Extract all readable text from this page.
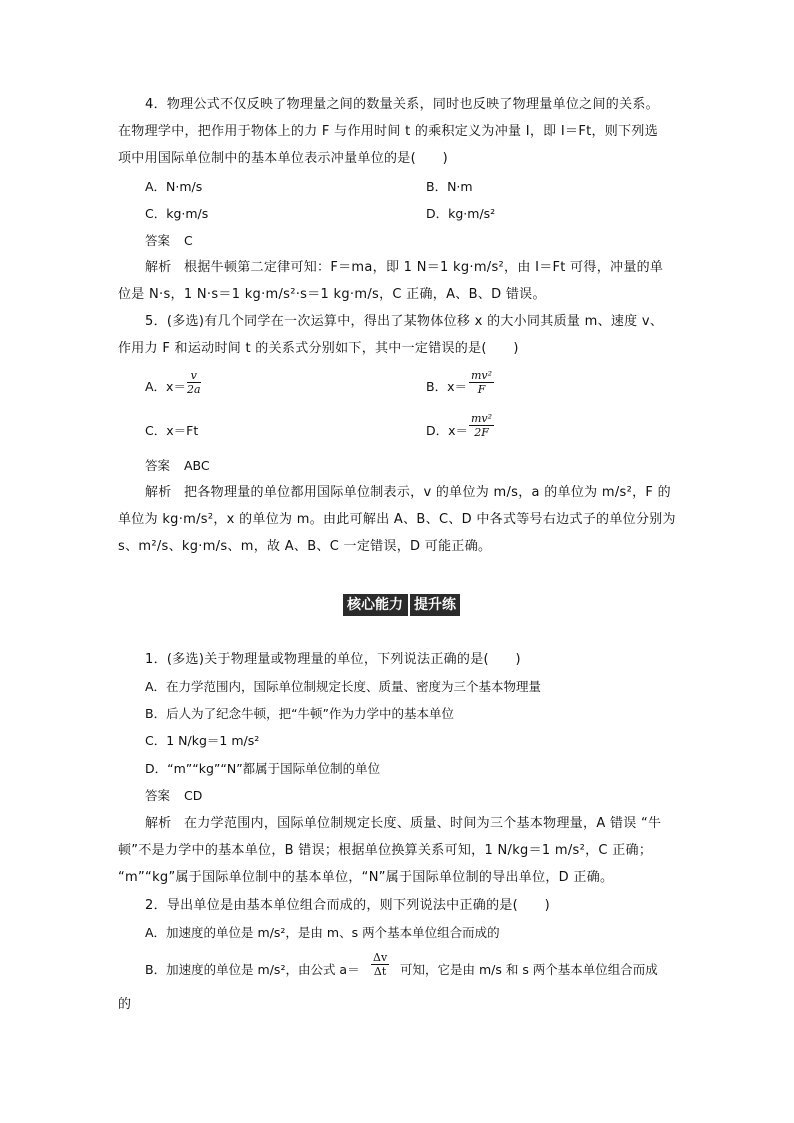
4．物理公式不仅反映了物理量之间的数量关系，同时也反映了物理量单位之间的关系。
在物理学中，把作用于物体上的力 F 与作用时间 t 的乘积定义为冲量 I，即 I＝Ft，则下列选
项中用国际单位制中的基本单位表示冲量单位的是(　　)
A．N·m/s	B．N·m
C．kg·m/s	D．kg·m/s²
答案 C
解析 根据牛顿第二定律可知：F＝ma，即 1 N＝1 kg·m/s²，由 I＝Ft 可得，冲量的单
位是 N·s，1 N·s＝1 kg·m/s²·s＝1 kg·m/s，C 正确，A、B、D 错误。
5．(多选)有几个同学在一次运算中，得出了某物体位移 x 的大小同其质量 m、速度 v、
作用力 F 和运动时间 t 的关系式分别如下，其中一定错误的是(　　)
A．$x= \frac{v}{2a}$	B．$x= \frac{\text{mv²}}{F}$
C．x＝Ft	D．$x= \frac{\text{mv²}}{2F}$
答案 ABC
解析 把各物理量的单位都用国际单位制表示，v 的单位为 m/s，a 的单位为 m/s²，F 的
单位为 kg·m/s²，x 的单位为 m。由此可解出 A、B、C、D 中各式等号右边式子的单位分别为
s、m²/s、kg·m/s、m，故 A、B、C 一定错误，D 可能正确。
核心能力 提升练
1．(多选)关于物理量或物理量的单位，下列说法正确的是(　　)
A．在力学范围内，国际单位制规定长度、质量、密度为三个基本物理量
B．后人为了纪念牛顿，把“牛顿”作为力学中的基本单位
C．1 N/kg＝1 m/s²
D．“m”“kg”“N”都属于国际单位制的单位
答案 CD
解析 在力学范围内，国际单位制规定长度、质量、时间为三个基本物理量，A 错误 “牛
顿”不是力学中的基本单位，B 错误；根据单位换算关系可知，1 N/kg＝1 m/s²，C 正确；
“m”“kg”属于国际单位制中的基本单位，“N”属于国际单位制的导出单位，D 正确。
2．导出单位是由基本单位组合而成的，则下列说法中正确的是(　　)
A．加速度的单位是 m/s²，是由 m、s 两个基本单位组合而成的
B．加速度的单位是 m/s²，由公式 $a= \frac{\Delta v}{\Delta t}$ 可知，它是由 m/s 和 s 两个基本单位组合而成
的
